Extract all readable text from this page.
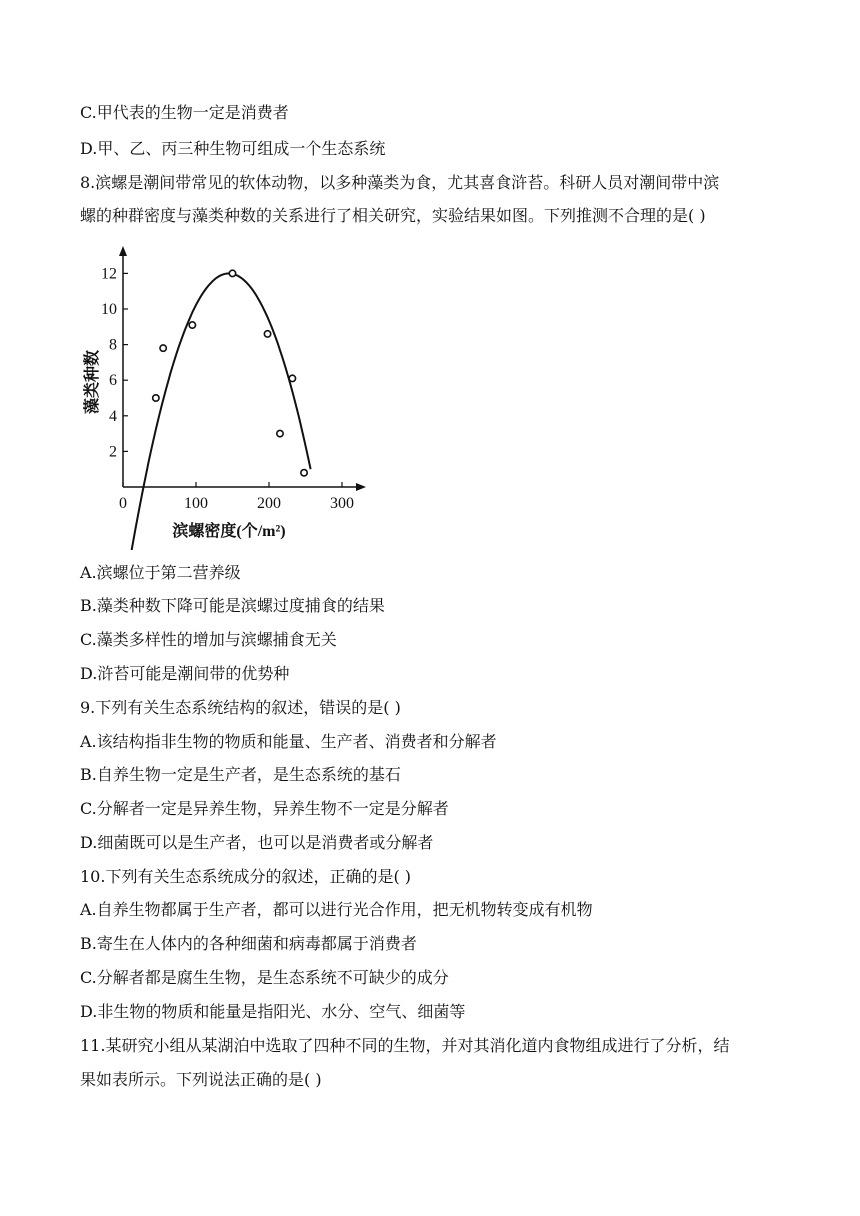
C.甲代表的生物一定是消费者
D.甲、乙、丙三种生物可组成一个生态系统
8.滨螺是潮间带常见的软体动物，以多种藻类为食，尤其喜食浒苔。科研人员对潮间带中滨
螺的种群密度与藻类种数的关系进行了相关研究，实验结果如图。下列推测不合理的是( )
0	100	200	300
2
4
6
8
10
12
藻类种数
滨螺密度(个/m²)
A.滨螺位于第二营养级
B.藻类种数下降可能是滨螺过度捕食的结果
C.藻类多样性的增加与滨螺捕食无关
D.浒苔可能是潮间带的优势种
9.下列有关生态系统结构的叙述，错误的是( )
A.该结构指非生物的物质和能量、生产者、消费者和分解者
B.自养生物一定是生产者，是生态系统的基石
C.分解者一定是异养生物，异养生物不一定是分解者
D.细菌既可以是生产者，也可以是消费者或分解者
10.下列有关生态系统成分的叙述，正确的是( )
A.自养生物都属于生产者，都可以进行光合作用，把无机物转变成有机物
B.寄生在人体内的各种细菌和病毒都属于消费者
C.分解者都是腐生生物，是生态系统不可缺少的成分
D.非生物的物质和能量是指阳光、水分、空气、细菌等
11.某研究小组从某湖泊中选取了四种不同的生物，并对其消化道内食物组成进行了分析，结
果如表所示。下列说法正确的是( )
